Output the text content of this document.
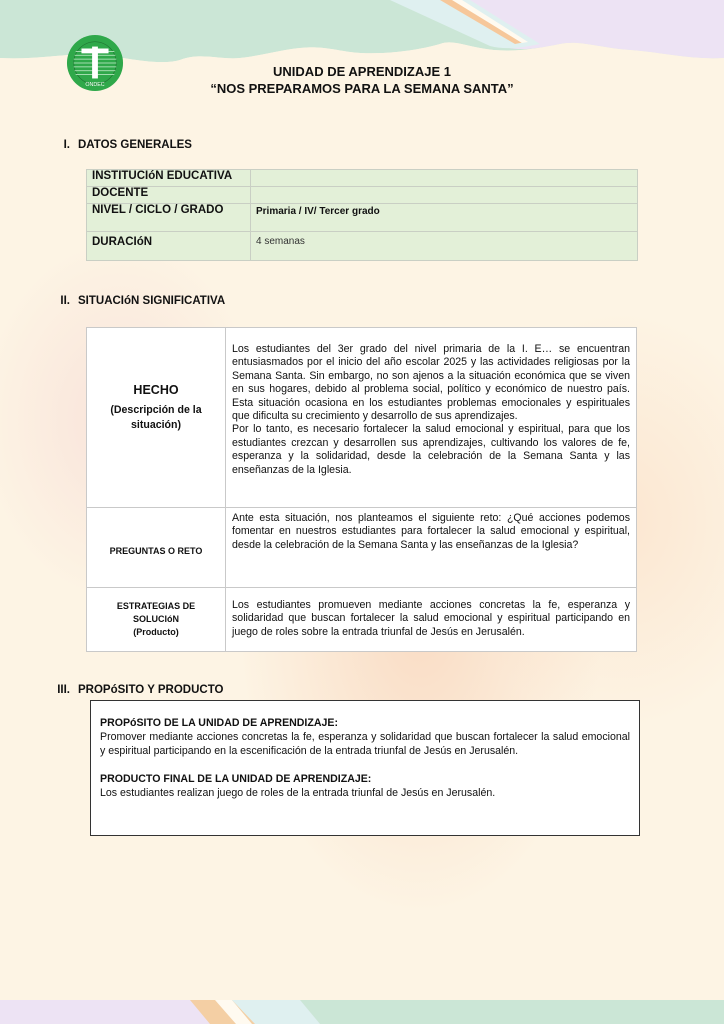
ONDEC
UNIDAD DE APRENDIZAJE 1
“NOS PREPARAMOS PARA LA SEMANA SANTA”
I. DATOS GENERALES
INSTITUCIóN EDUCATIVA	
DOCENTE	
NIVEL / CICLO / GRADO	Primaria / IV/ Tercer grado
DURACIóN	4 semanas
II. SITUACIóN SIGNIFICATIVA
HECHO
(Descripción de la situación)

Los estudiantes del 3er grado del nivel primaria de la I. E… se encuentran entusiasmados por el inicio del año escolar 2025 y las actividades religiosas por la Semana Santa. Sin embargo, no son ajenos a la situación económica que se viven en sus hogares, debido al problema social, político y económico de nuestro país. Esta situación ocasiona en los estudiantes problemas emocionales y espirituales que dificulta su crecimiento y desarrollo de sus aprendizajes.
Por lo tanto, es necesario fortalecer la salud emocional y espiritual, para que los estudiantes crezcan y desarrollen sus aprendizajes, cultivando los valores de fe, esperanza y la solidaridad, desde la celebración de la Semana Santa y las enseñanzas de la Iglesia.

PREGUNTAS O RETO	Ante esta situación, nos planteamos el siguiente reto: ¿Qué acciones podemos fomentar en nuestros estudiantes para fortalecer la salud emocional y espiritual, desde la celebración de la Semana Santa y las enseñanzas de la Iglesia?

ESTRATEGIAS DE
SOLUCIóN
(Producto)
	Los estudiantes promueven mediante acciones concretas la fe, esperanza y solidaridad que buscan fortalecer la salud emocional y espiritual participando en juego de roles sobre la entrada triunfal de Jesús en Jerusalén.
III. PROPóSITO Y PRODUCTO
PROPóSITO DE LA UNIDAD DE APRENDIZAJE:
Promover mediante acciones concretas la fe, esperanza y solidaridad que buscan fortalecer la salud emocional y espiritual participando en la escenificación de la entrada triunfal de Jesús en Jerusalén.
PRODUCTO FINAL DE LA UNIDAD DE APRENDIZAJE:
Los estudiantes realizan juego de roles de la entrada triunfal de Jesús en Jerusalén.
